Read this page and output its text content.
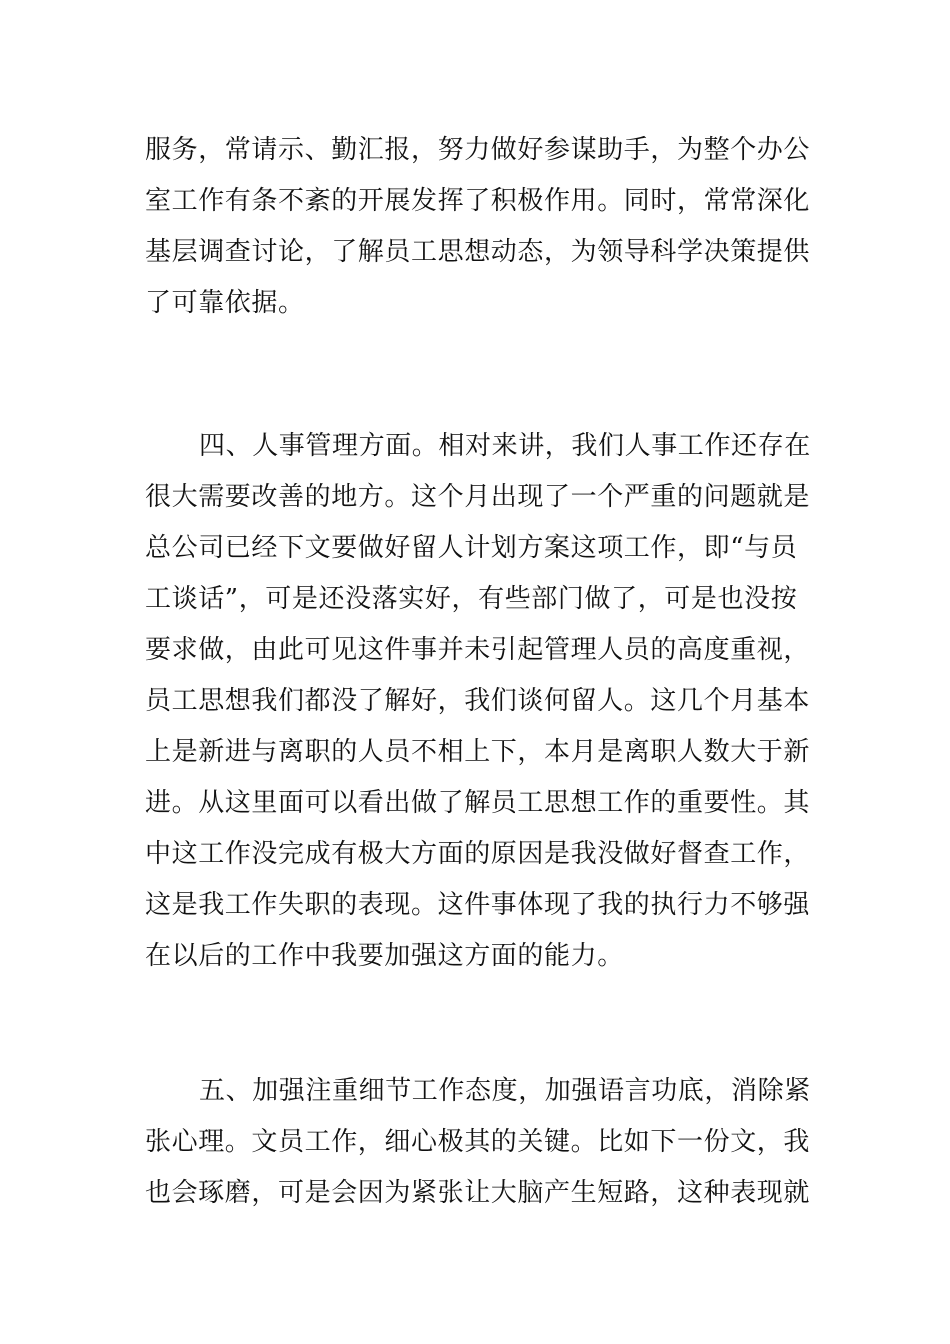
服务，常请示、勤汇报，努力做好参谋助手，为整个办公
室工作有条不紊的开展发挥了积极作用。同时，常常深化
基层调查讨论，了解员工思想动态，为领导科学决策提供
了可靠依据。
四、人事管理方面。相对来讲，我们人事工作还存在
很大需要改善的地方。这个月出现了一个严重的问题就是
总公司已经下文要做好留人计划方案这项工作，即“与员
工谈话”，可是还没落实好，有些部门做了，可是也没按
要求做，由此可见这件事并未引起管理人员的高度重视，
员工思想我们都没了解好，我们谈何留人。这几个月基本
上是新进与离职的人员不相上下，本月是离职人数大于新
进。从这里面可以看出做了解员工思想工作的重要性。其
中这工作没完成有极大方面的原因是我没做好督查工作，
这是我工作失职的表现。这件事体现了我的执行力不够强
在以后的工作中我要加强这方面的能力。
五、加强注重细节工作态度，加强语言功底，消除紧
张心理。文员工作，细心极其的关键。比如下一份文，我
也会琢磨，可是会因为紧张让大脑产生短路，这种表现就
